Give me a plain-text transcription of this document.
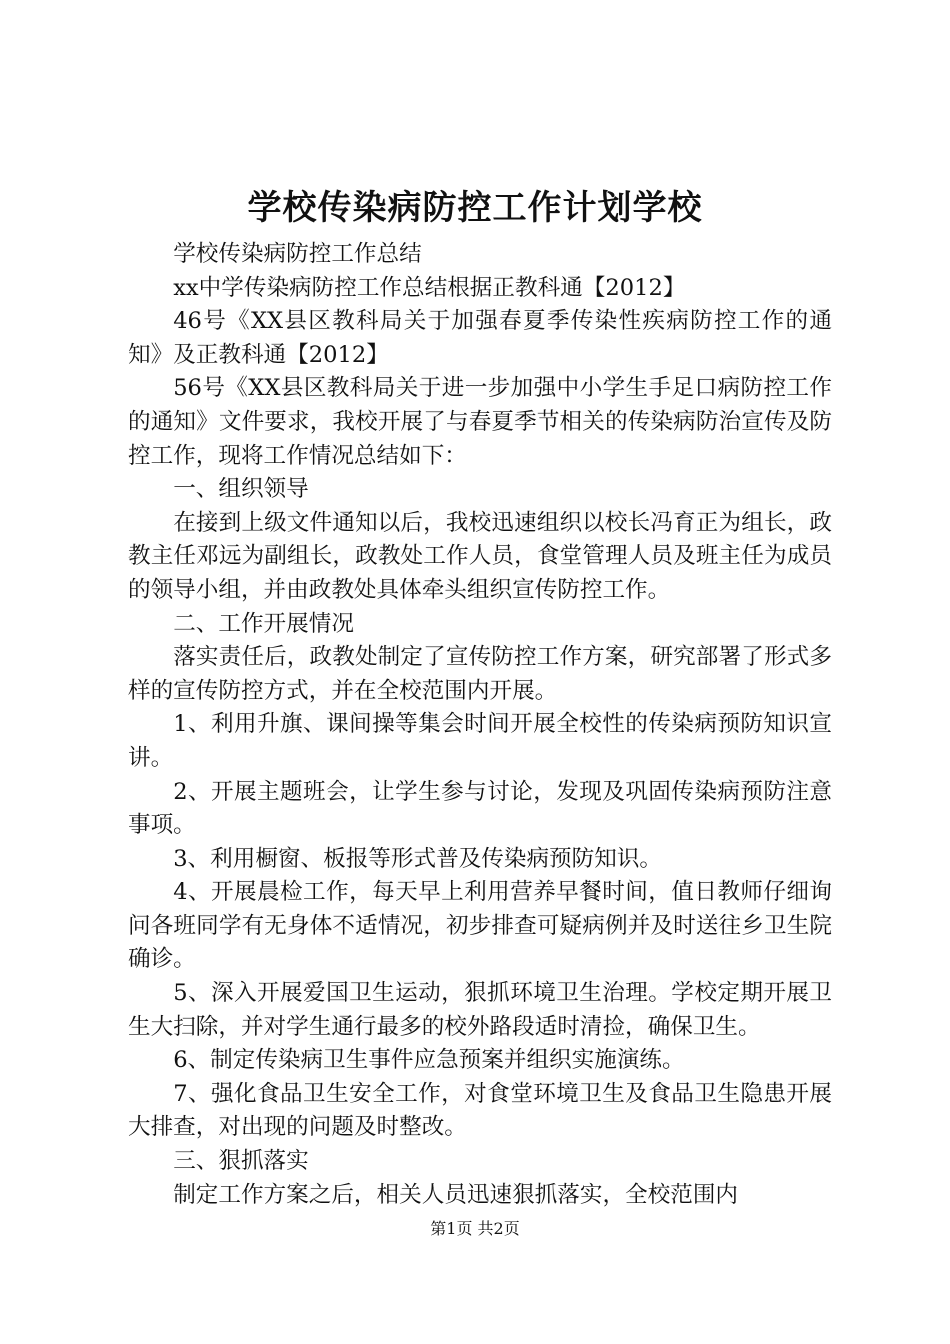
学校传染病防控工作计划学校

学校传染病防控工作总结

xx中学传染病防控工作总结根据正教科通【2012】

46号《XX县区教科局关于加强春夏季传染性疾病防控工作的通知》及正教科通【2012】

56号《XX县区教科局关于进一步加强中小学生手足口病防控工作的通知》文件要求，我校开展了与春夏季节相关的传染病防治宣传及防控工作，现将工作情况总结如下：

一、组织领导

在接到上级文件通知以后，我校迅速组织以校长冯育正为组长，政教主任邓远为副组长，政教处工作人员，食堂管理人员及班主任为成员的领导小组，并由政教处具体牵头组织宣传防控工作。

二、工作开展情况

落实责任后，政教处制定了宣传防控工作方案，研究部署了形式多样的宣传防控方式，并在全校范围内开展。

1、利用升旗、课间操等集会时间开展全校性的传染病预防知识宣讲。

2、开展主题班会，让学生参与讨论，发现及巩固传染病预防注意事项。

3、利用橱窗、板报等形式普及传染病预防知识。

4、开展晨检工作，每天早上利用营养早餐时间，值日教师仔细询问各班同学有无身体不适情况，初步排查可疑病例并及时送往乡卫生院确诊。

5、深入开展爱国卫生运动，狠抓环境卫生治理。学校定期开展卫生大扫除，并对学生通行最多的校外路段适时清捡，确保卫生。

6、制定传染病卫生事件应急预案并组织实施演练。

7、强化食品卫生安全工作，对食堂环境卫生及食品卫生隐患开展大排查，对出现的问题及时整改。

三、狠抓落实

制定工作方案之后，相关人员迅速狠抓落实，全校范围内

第1页 共2页
